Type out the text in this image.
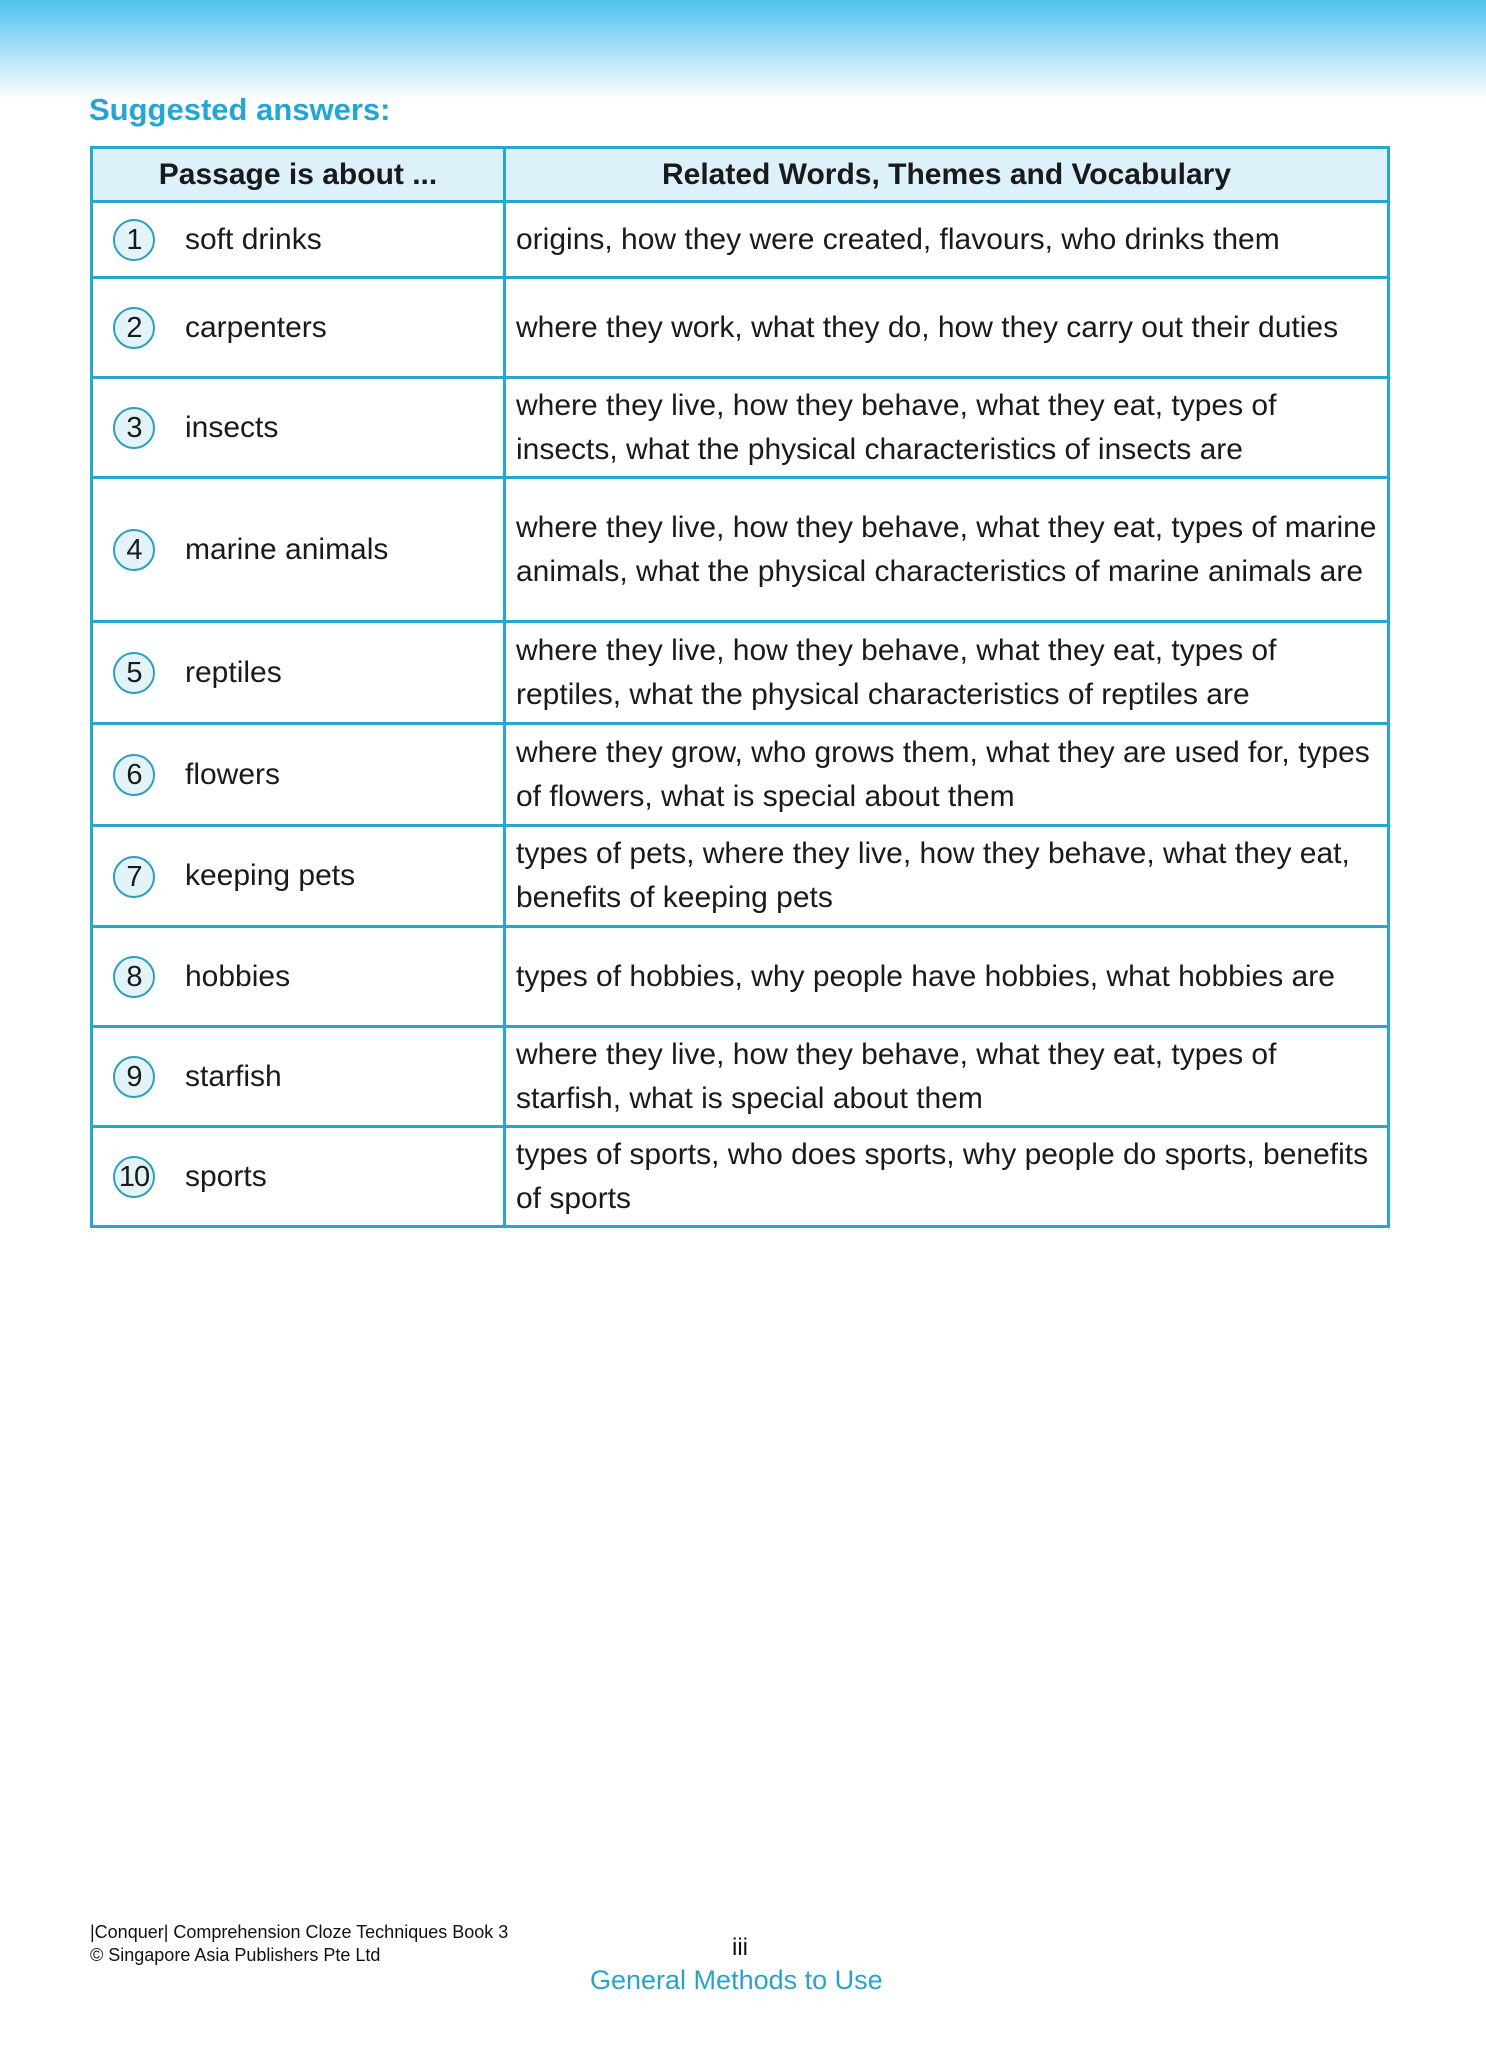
Suggested answers:
Passage is about ...	Related Words, Themes and Vocabulary
1 soft drinks	origins, how they were created, flavours, who drinks them
2 carpenters	where they work, what they do, how they carry out their duties
3 insects	where they live, how they behave, what they eat, types of insects, what the physical characteristics of insects are
4 marine animals	where they live, how they behave, what they eat, types of marine animals, what the physical characteristics of marine animals are
5 reptiles	where they live, how they behave, what they eat, types of reptiles, what the physical characteristics of reptiles are
6 flowers	where they grow, who grows them, what they are used for, types of flowers, what is special about them
7 keeping pets	types of pets, where they live, how they behave, what they eat, benefits of keeping pets
8 hobbies	types of hobbies, why people have hobbies, what hobbies are
9 starfish	where they live, how they behave, what they eat, types of starfish, what is special about them
10 sports	types of sports, who does sports, why people do sports, benefits of sports
|Conquer| Comprehension Cloze Techniques Book 3
© Singapore Asia Publishers Pte Ltd	iii
General Methods to Use
